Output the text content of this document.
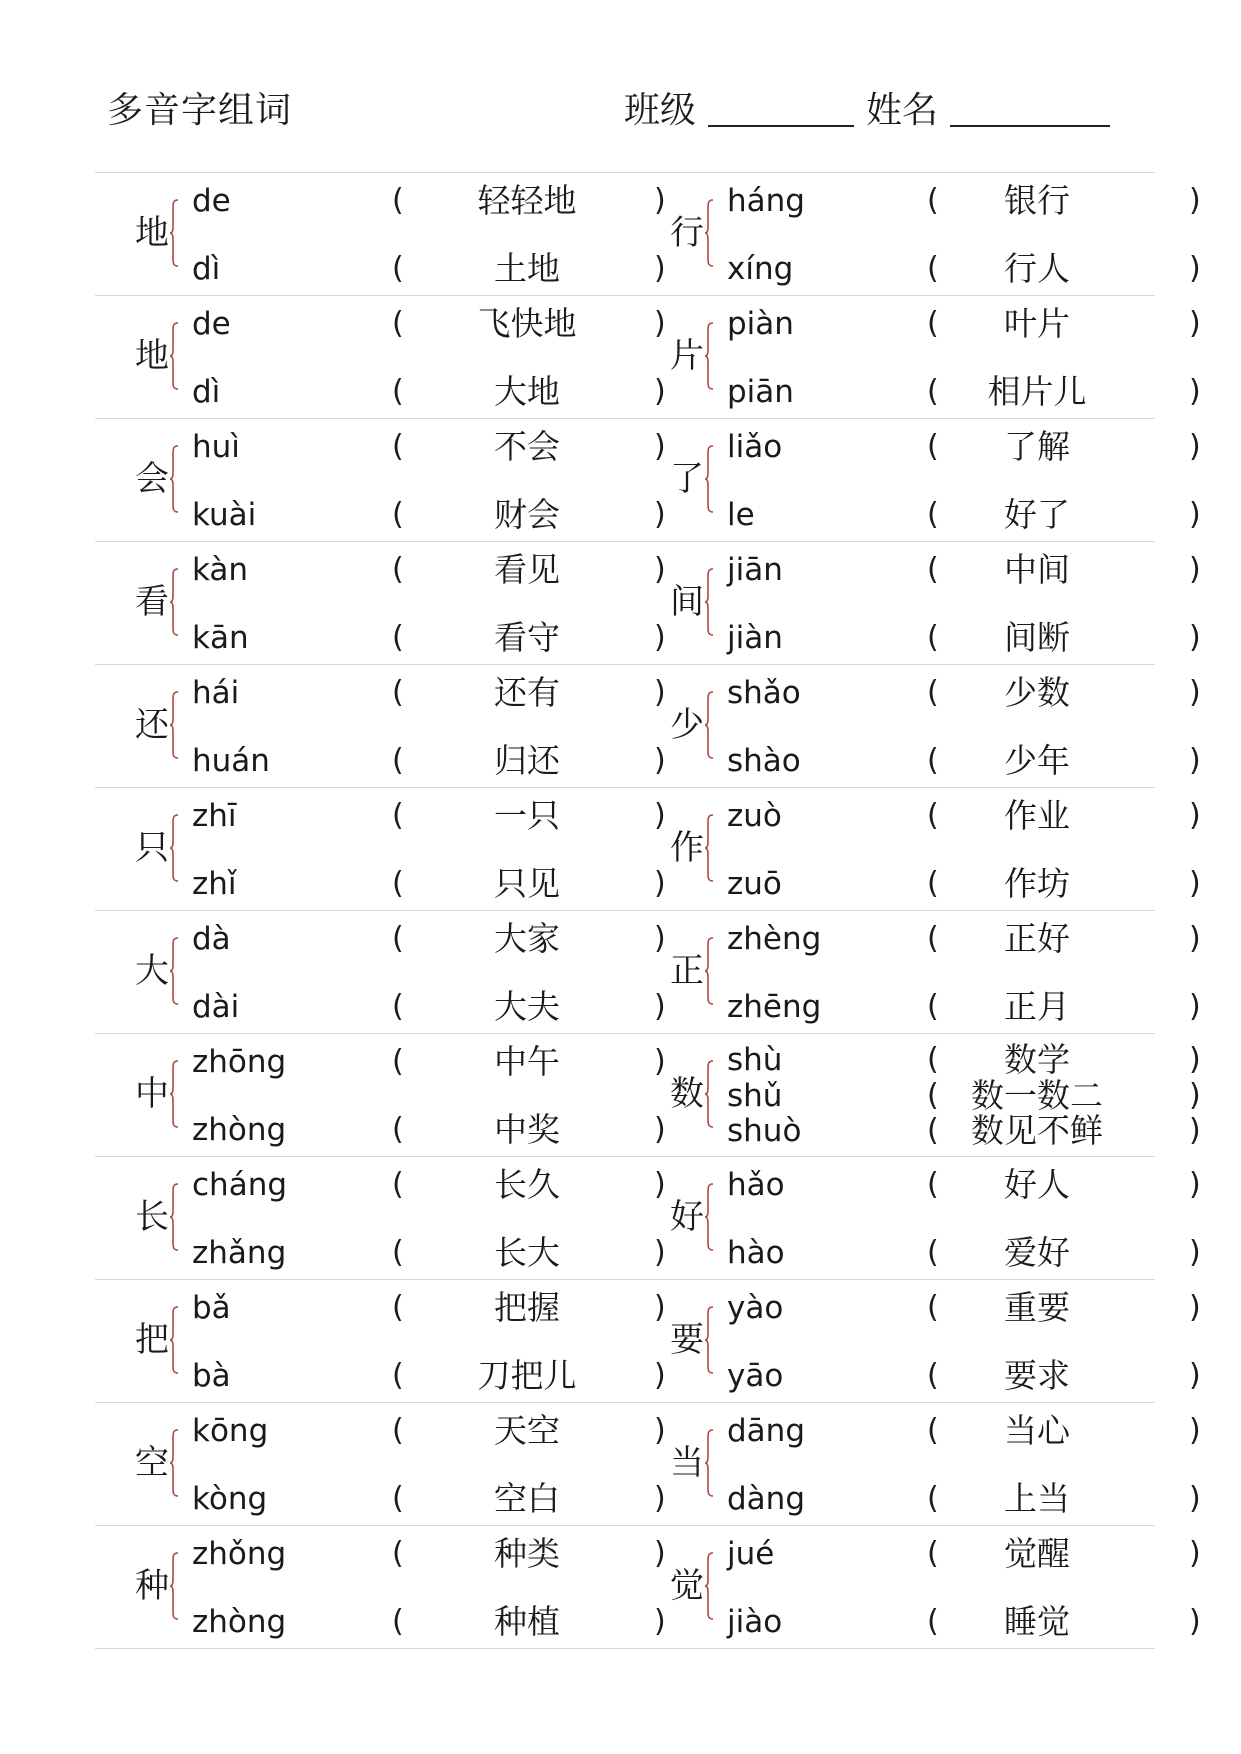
多音字组词	班级	姓名
地
de	(	轻轻地	)
dì	(	土地	)
行
háng	(	银行	)
xíng	(	行人	)
地
de	(	飞快地	)
dì	(	大地	)
片
piàn	(	叶片	)
piān	(	相片儿	)
会
huì	(	不会	)
kuài	(	财会	)
了
liǎo	(	了解	)
le	(	好了	)
看
kàn	(	看见	)
kān	(	看守	)
间
jiān	(	中间	)
jiàn	(	间断	)
还
hái	(	还有	)
huán	(	归还	)
少
shǎo	(	少数	)
shào	(	少年	)
只
zhī	(	一只	)
zhǐ	(	只见	)
作
zuò	(	作业	)
zuō	(	作坊	)
大
dà	(	大家	)
dài	(	大夫	)
正
zhèng	(	正好	)
zhēng	(	正月	)
中
zhōng	(	中午	)
zhòng	(	中奖	)
数
shù	(	数学	)
shǔ	( 数一数二	)
shuò	( 数见不鲜	)
长
cháng	(	长久	)
zhǎng	(	长大	)
好
hǎo	(	好人	)
hào	(	爱好	)
把
bǎ	(	把握	)
bà	(	刀把儿	)
要
yào	(	重要	)
yāo	(	要求	)
空
kōng	(	天空	)
kòng	(	空白	)
当
dāng	(	当心	)
dàng	(	上当	)
种
zhǒng	(	种类	)
zhòng	(	种植	)
觉
jué	(	觉醒	)
jiào	(	睡觉	)
